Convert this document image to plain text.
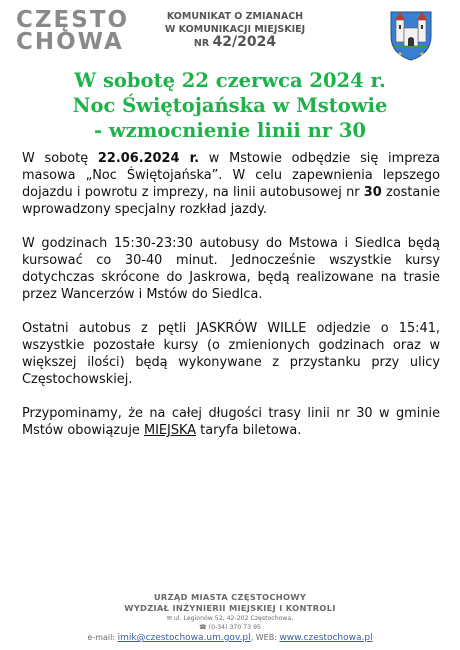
CZĘSTO
CHOWA
KOMUNIKAT O ZMIANACH
W KOMUNIKACJI MIEJSKIEJ
NR 42/2024
W sobotę 22 czerwca 2024 r.
Noc Świętojańska w Mstowie
- wzmocnienie linii nr 30

W sobotę 22.06.2024 r. w Mstowie odbędzie się impreza masowa „Noc Świętojańska”. W celu zapewnienia lepszego dojazdu i powrotu z imprezy, na linii autobusowej nr 30 zostanie wprowadzony specjalny rozkład jazdy.

W godzinach 15:30-23:30 autobusy do Mstowa i Siedlca będą kursować co 30-40 minut. Jednocześnie wszystkie kursy dotychczas skrócone do Jaskrowa, będą realizowane na trasie przez Wancerzów i Mstów do Siedlca.

Ostatni autobus z pętli JASKRÓW WILLE odjedzie o 15:41, wszystkie pozostałe kursy (o zmienionych godzinach oraz w większej ilości) będą wykonywane z przystanku przy ulicy Częstochowskiej.

Przypominamy, że na całej długości trasy linii nr 30 w gminie Mstów obowiązuje MIEJSKA taryfa biletowa.

URZĄD MIASTA CZĘSTOCHOWY
WYDZIAŁ INŻYNIERII MIEJSKIEJ I KONTROLI
✉ ul. Legionów 52, 42-202 Częstochowa,
☎ (0-34) 370 73 95
e-mail: imik@czestochowa.um.gov.pl, WEB: www.czestochowa.pl
